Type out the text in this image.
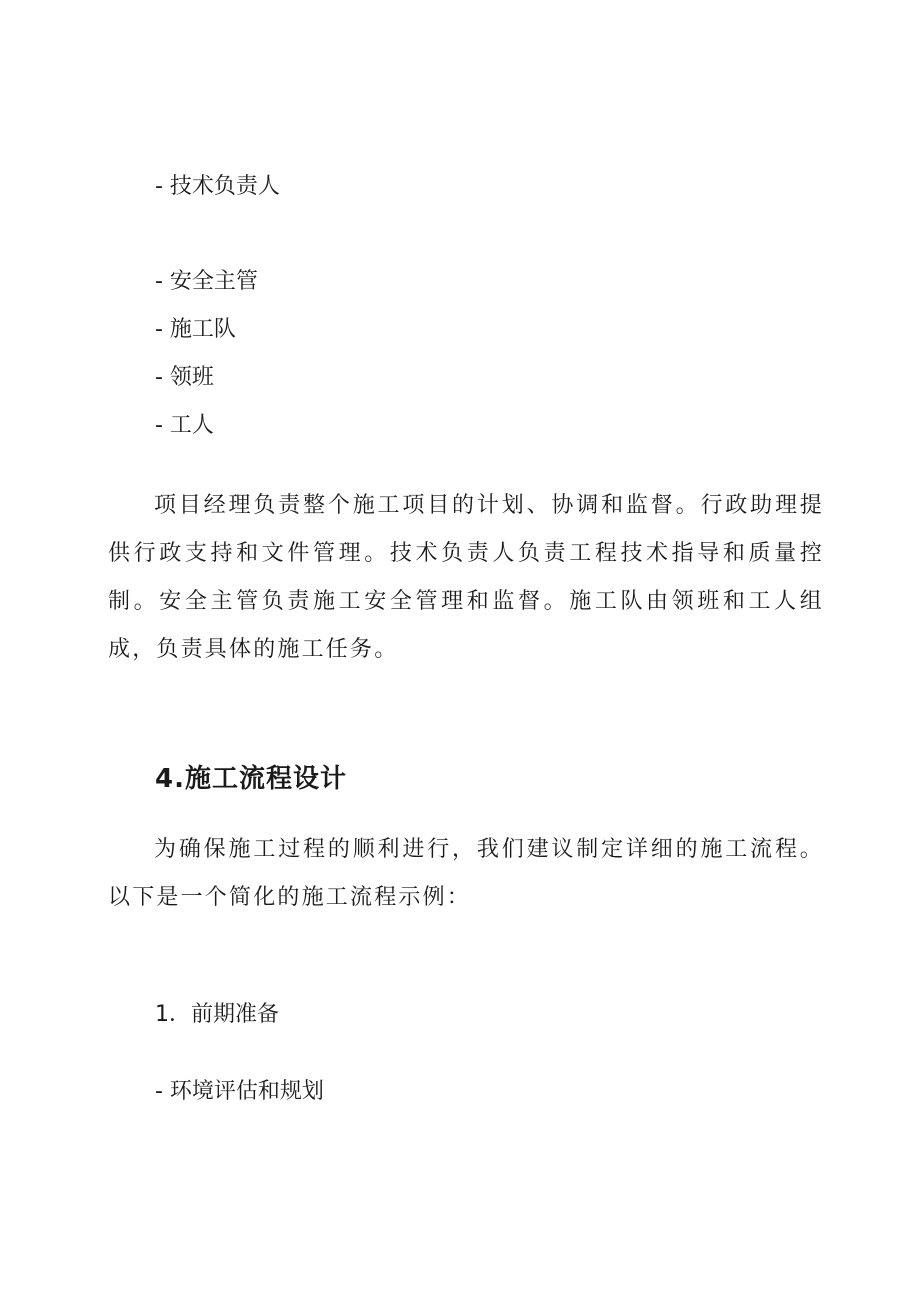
- 技术负责人
- 安全主管
- 施工队
- 领班
- 工人

项目经理负责整个施工项目的计划、协调和监督。行政助理提供行政支持和文件管理。技术负责人负责工程技术指导和质量控制。安全主管负责施工安全管理和监督。施工队由领班和工人组成，负责具体的施工任务。

4.施工流程设计

为确保施工过程的顺利进行，我们建议制定详细的施工流程。以下是一个简化的施工流程示例：

1．前期准备
- 环境评估和规划
